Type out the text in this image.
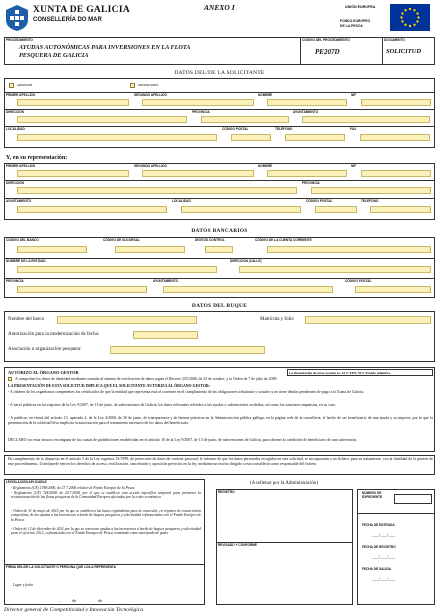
XUNTA DE GALICIA
CONSELLERÍA DO MAR
ANEXO I	UNIÓN EUROPEA
FONDO EUROPEO
DE LA PESCA
PROCEDIMIENTO
AYUDAS AUTONÓMICAS PARA INVERSIONES EN LA FLOTA
PESQUERA DE GALICIA
CÓDIGO DEL PROCEDIMIENTO
PE207D
DOCUMENTO
SOLICITUD
DATOS DEL/DE LA SOLICITANTE
ARMADOR	PROPIETARIO
PRIMER APELLIDO	SEGUNDO APELLIDO	NOMBRE	NIF
DIRECCIÓN	PROVINCIA	AYUNTAMIENTO
LOCALIDAD	CÓDIGO POSTAL	TELÉFONO	FAX
Y, en su representación:
PRIMER APELLIDO	SEGUNDO APELLIDO	NOMBRE	NIF
DIRECCIÓN	PROVINCIA
AYUNTAMIENTO	LOCALIDAD	CÓDIGO POSTAL	TELÉFONO
DATOS BANCARIOS
CÓDIGO DEL BANCO	CÓDIGO DE SUCURSAL	DÍGITOS CONTROL	CÓDIGO DE LA CUENTA CORRIENTE
NOMBRE DE LA ENTIDAD	DIRECCIÓN (CALLE)
PROVINCIA	AYUNTAMIENTO	CÓDIGO POSTAL
DATOS DEL BUQUE
Nombre del barco	Matrícula y folio
Autorización para la modernización de fecha:
Asociación u organización pesquera:
AUTORIZO AL ÓRGANO GESTOR	La financiación de estas ayudas es: 61% FEP, 39% Estado miembro
A comprobar los datos de identidad mediante consulta al sistema de verificación de datos según el Decreto 255/2008, de 23 de octubre, y la Orden de 7 de julio de 2009.
LA PRESENTACIÓN DE ESTA SOLICITUD IMPLICA QUE EL SOLICITANTE AUTORIZA AL ÓRGANO GESTOR:
- A obtener de los organismos competentes los certificados de que la entidad que representa está al corriente en el cumplimiento de las obligaciones tributarias y sociales y no tiene deudas pendientes de pago a la Xunta de Galicia.
- A hacer públicos en los registros de la Ley 9/2007, de 13 de junio, de subvenciones de Galicia, los datos relevantes referidos a las ayudas y subvenciones recibidas, así como las sanciones impuestas, en su caso.
- A publicar, en virtud del artículo 13, apartado 4, de la Ley 4/2006, de 30 de junio, de transparencia y de buenas prácticas en la Administración pública gallega, en la página web de la consellería, el hecho de ser beneficiario de una ayuda y su importe, por lo que la presentación de la solicitud lleva implícita la autorización para el tratamiento necesario de los datos del beneficiario.
DECLARO: no estar incurso en ninguna de las causas de prohibiciones establecidas en el artículo 10 de la Ley 9/2007, de 13 de junio, de subvenciones de Galicia, para obtener la condición de beneficiario de una subvención.
En cumplimiento de lo dispuesto en el artículo 5 de la Ley orgánica 15/1999, de protección de datos de carácter personal, le informo de que los datos personales recogidos en esta solicitud, se incorporarán a un fichero, para su tratamiento, con la finalidad de la gestión de este procedimiento. Usted puede ejercer los derechos de acceso, rectificación, cancelación y oposición previstos en la ley, mediante un escrito dirigido a esta consellería como responsable del fichero.
LEGISLACIÓN APLICABLE
- Reglamento (CE) 1198/2006, de 27.7.2006 relativo al Fondo Europeo de la Pesca.
- Reglamento (CE) 744/2008, de 24.7.2008, por el que se establece una acción específica temporal para promover la reestructuración de las flotas pesqueras de la Comunidad Europea afectadas por la crisis económica.
- Orden de 31 de mayo de 2010 por la que se establecen las bases reguladoras para la concesión, en régimen de concurrencia competitiva, de las ayudas a las inversiones a bordo de buques pesqueros y selectividad cofinanciadas con el Fondo Europeo de la Pesca.
- Orden de 12 de diciembre de 2011 por la que se convocan ayudas a las inversiones a bordo de buques pesqueros y selectividad para el ejercicio 2012, cofinanciada con el Fondo Europeo de Pesca, tramitada como anticipado de gasto
FIRMA DEL/DE LA SOLICITANTE O PERSONA QUE LO/LA REPRESENTA
Lugar y fecha
,          de                    de
(A rellenar por la Administración)
REGISTRO
REVISADO Y CONFORME
NÚMERO DE EXPEDIENTE
FECHA DE ENTRADA
___/___/___
FECHA DE REGISTRO
___/___/___
FECHA DE SALIDA
___/___/___
Director general de Competitividad e Innovación Tecnológica
